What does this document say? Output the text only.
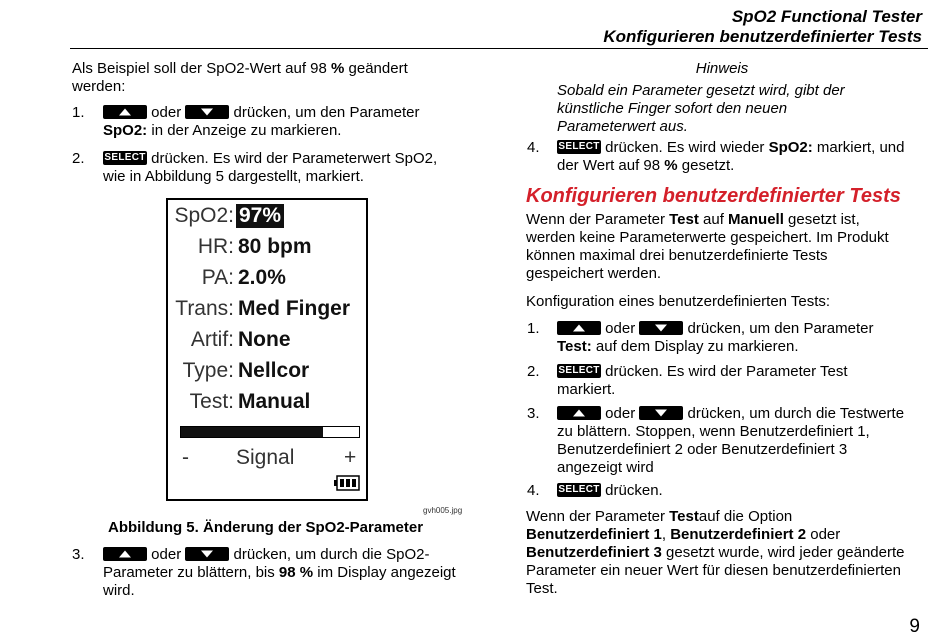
SpO2 Functional Tester
Konfigurieren benutzerdefinierter Tests
Als Beispiel soll der SpO2-Wert auf 98 % geändert
werden:
1.	oder	drücken, um den Parameter
SpO2: in der Anzeige zu markieren.
2. SELECT drücken. Es wird der Parameterwert SpO2,
wie in Abbildung 5 dargestellt, markiert.
SpO2: 97%
HR: 80 bpm
PA: 2.0%
Trans: Med Finger
Artif: None
Type: Nellcor
Test: Manual
- Signal +
gvh005.jpg
Abbildung 5. Änderung der SpO2-Parameter
3.	oder	drücken, um durch die SpO2-
Parameter zu blättern, bis 98 % im Display angezeigt
wird.
Hinweis
Sobald ein Parameter gesetzt wird, gibt der
künstliche Finger sofort den neuen
Parameterwert aus.
4. SELECT drücken. Es wird wieder SpO2: markiert, und
der Wert auf 98 % gesetzt.
Konfigurieren benutzerdefinierter Tests
Wenn der Parameter Test auf Manuell gesetzt ist,
werden keine Parameterwerte gespeichert. Im Produkt
können maximal drei benutzerdefinierte Tests
gespeichert werden.
Konfiguration eines benutzerdefinierten Tests:
1.	oder	drücken, um den Parameter
Test: auf dem Display zu markieren.
2. SELECT drücken. Es wird der Parameter Test
markiert.
3.	oder	drücken, um durch die Testwerte
zu blättern. Stoppen, wenn Benutzerdefiniert 1,
Benutzerdefiniert 2 oder Benutzerdefiniert 3
angezeigt wird
4. SELECT drücken.
Wenn der Parameter Testauf die Option
Benutzerdefiniert 1, Benutzerdefiniert 2 oder
Benutzerdefiniert 3 gesetzt wurde, wird jeder geänderte
Parameter ein neuer Wert für diesen benutzerdefinierten
Test.
9
